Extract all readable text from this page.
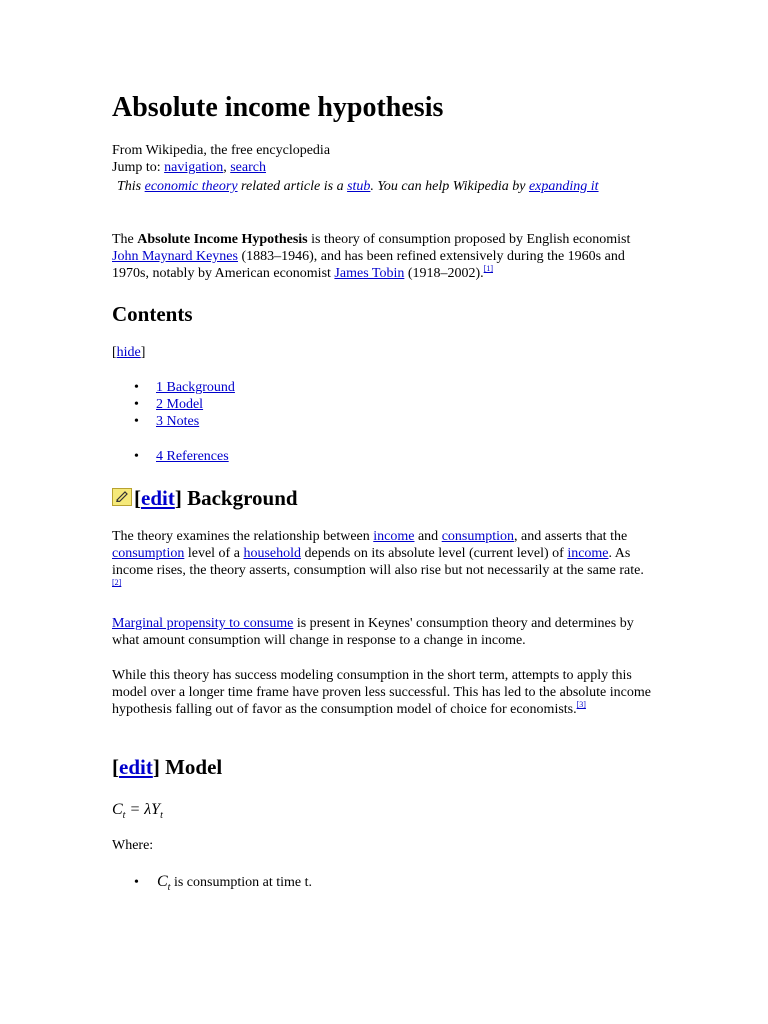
Absolute income hypothesis
From Wikipedia, the free encyclopedia
Jump to: navigation, search
This economic theory related article is a stub. You can help Wikipedia by expanding it

The Absolute Income Hypothesis is theory of consumption proposed by English economist John Maynard Keynes (1883–1946), and has been refined extensively during the 1960s and 1970s, notably by American economist James Tobin (1918–2002).[1]

Contents
[hide]
• 1 Background
• 2 Model
• 3 Notes
• 4 References
[edit] Background

The theory examines the relationship between income and consumption, and asserts that the consumption level of a household depends on its absolute level (current level) of income. As income rises, the theory asserts, consumption will also rise but not necessarily at the same rate.[2]

Marginal propensity to consume is present in Keynes' consumption theory and determines by what amount consumption will change in response to a change in income.

While this theory has success modeling consumption in the short term, attempts to apply this model over a longer time frame have proven less successful. This has led to the absolute income hypothesis falling out of favor as the consumption model of choice for economists.[3]

[edit] Model
$C_t = \lambda Y_t$
Where:
• $C_t$ is consumption at time t.
